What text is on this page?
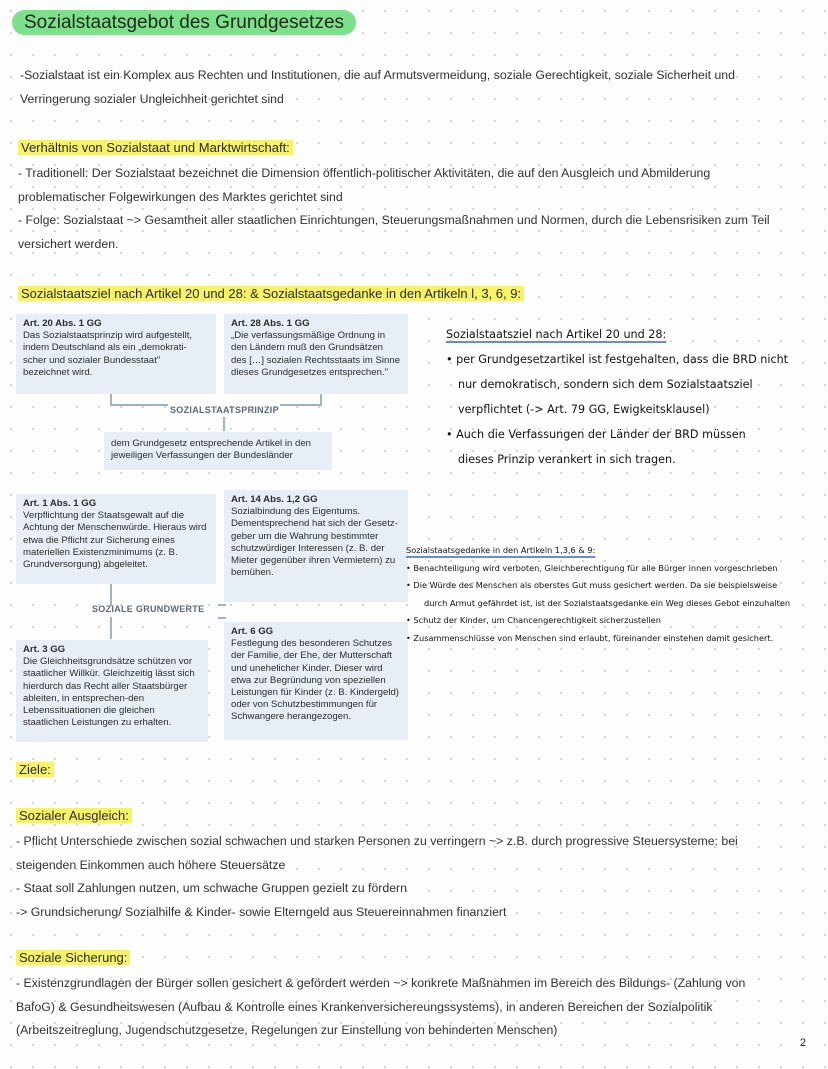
Sozialstaatsgebot des Grundgesetzes
-Sozialstaat ist ein Komplex aus Rechten und Institutionen, die auf Armutsvermeidung, soziale Gerechtigkeit, soziale Sicherheit und
Verringerung sozialer Ungleichheit gerichtet sind
Verhältnis von Sozialstaat und Marktwirtschaft:
- Traditionell: Der Sozialstaat bezeichnet die Dimension öffentlich-politischer Aktivitäten, die auf den Ausgleich und Abmilderung
problematischer Folgewirkungen des Marktes gerichtet sind
- Folge: Sozialstaat ~> Gesamtheit aller staatlichen Einrichtungen, Steuerungsmaßnahmen und Normen, durch die Lebensrisiken zum Teil
versichert werden.
Sozialstaatsziel nach Artikel 20 und 28: & Sozialstaatsgedanke in den Artikeln l, 3, 6, 9:
Art. 20 Abs. 1 GG
Das Sozialstaatsprinzip wird aufgestellt, indem Deutschland als ein „demokrati-scher und sozialer Bundesstaat" bezeichnet wird.
Art. 28 Abs. 1 GG
„Die verfassungsmäßige Ordnung in den Ländern muß den Grundsätzen des […] sozialen Rechtsstaats im Sinne dieses Grundgesetzes entsprechen."
SOZIALSTAATSPRINZIP
dem Grundgesetz entsprechende Artikel in den jeweiligen Verfassungen der Bundesländer
Art. 1 Abs. 1 GG
Verpflichtung der Staatsgewalt auf die Achtung der Menschenwürde. Hieraus wird etwa die Pflicht zur Sicherung eines materiellen Existenzminimums (z. B. Grundversorgung) abgeleitet.
Art. 14 Abs. 1,2 GG
Sozialbindung des Eigentums. Dementsprechend hat sich der Gesetz-geber um die Wahrung bestimmter schutzwürdiger Interessen (z. B. der Mieter gegenüber ihren Vermietern) zu bemühen.
SOZIALE GRUNDWERTE
Art. 3 GG
Die Gleichheitsgrundsätze schützen vor staatlicher Willkür. Gleichzeitig lässt sich hierdurch das Recht aller Staatsbürger ableiten, in entsprechen-den Lebenssituationen die gleichen staatlichen Leistungen zu erhalten.
Art. 6 GG
Festlegung des besonderen Schutzes der Familie, der Ehe, der Mutterschaft und unehelicher Kinder. Dieser wird etwa zur Begründung von speziellen Leistungen für Kinder (z. B. Kindergeld) oder von Schutzbestimmungen für Schwangere herangezogen.
Sozialstaatsziel nach Artikel 20 und 28:
• per Grundgesetzartikel ist festgehalten, dass die BRD nicht
nur demokratisch, sondern sich dem Sozialstaatsziel
verpflichtet (-> Art. 79 GG, Ewigkeitsklausel)
• Auch die Verfassungen der Länder der BRD müssen
dieses Prinzip verankert in sich tragen.
Sozialstaatsgedanke in den Artikeln 1,3,6 & 9:
• Benachteiligung wird verboten, Gleichberechtigung für alle Bürger innen vorgeschrieben
• Die Würde des Menschen als oberstes Gut muss gesichert werden. Da sie beispielsweise
durch Armut gefährdet ist, ist der Sozialstaatsgedanke ein Weg dieses Gebot einzuhalten
• Schutz der Kinder, um Chancengerechtigkeit sicherzustellen
• Zusammenschlüsse von Menschen sind erlaubt, füreinander einstehen damit gesichert.
Ziele:
Sozialer Ausgleich:
- Pflicht Unterschiede zwischen sozial schwachen und starken Personen zu verringern ~> z.B. durch progressive Steuersysteme: bei
steigenden Einkommen auch höhere Steuersätze
- Staat soll Zahlungen nutzen, um schwache Gruppen gezielt zu fördern
-> Grundsicherung/ Sozialhilfe & Kinder- sowie Elterngeld aus Steuereinnahmen finanziert
Soziale Sicherung:
- Existenzgrundlagen der Bürger sollen gesichert & gefördert werden ~> konkrete Maßnahmen im Bereich des Bildungs- (Zahlung von
BafoG) & Gesundheitswesen (Aufbau & Kontrolle eines Krankenversichereungssystems), in anderen Bereichen der Sozialpolitik
(Arbeitszeitreglung, Jugendschutzgesetze, Regelungen zur Einstellung von behinderten Menschen)
2
